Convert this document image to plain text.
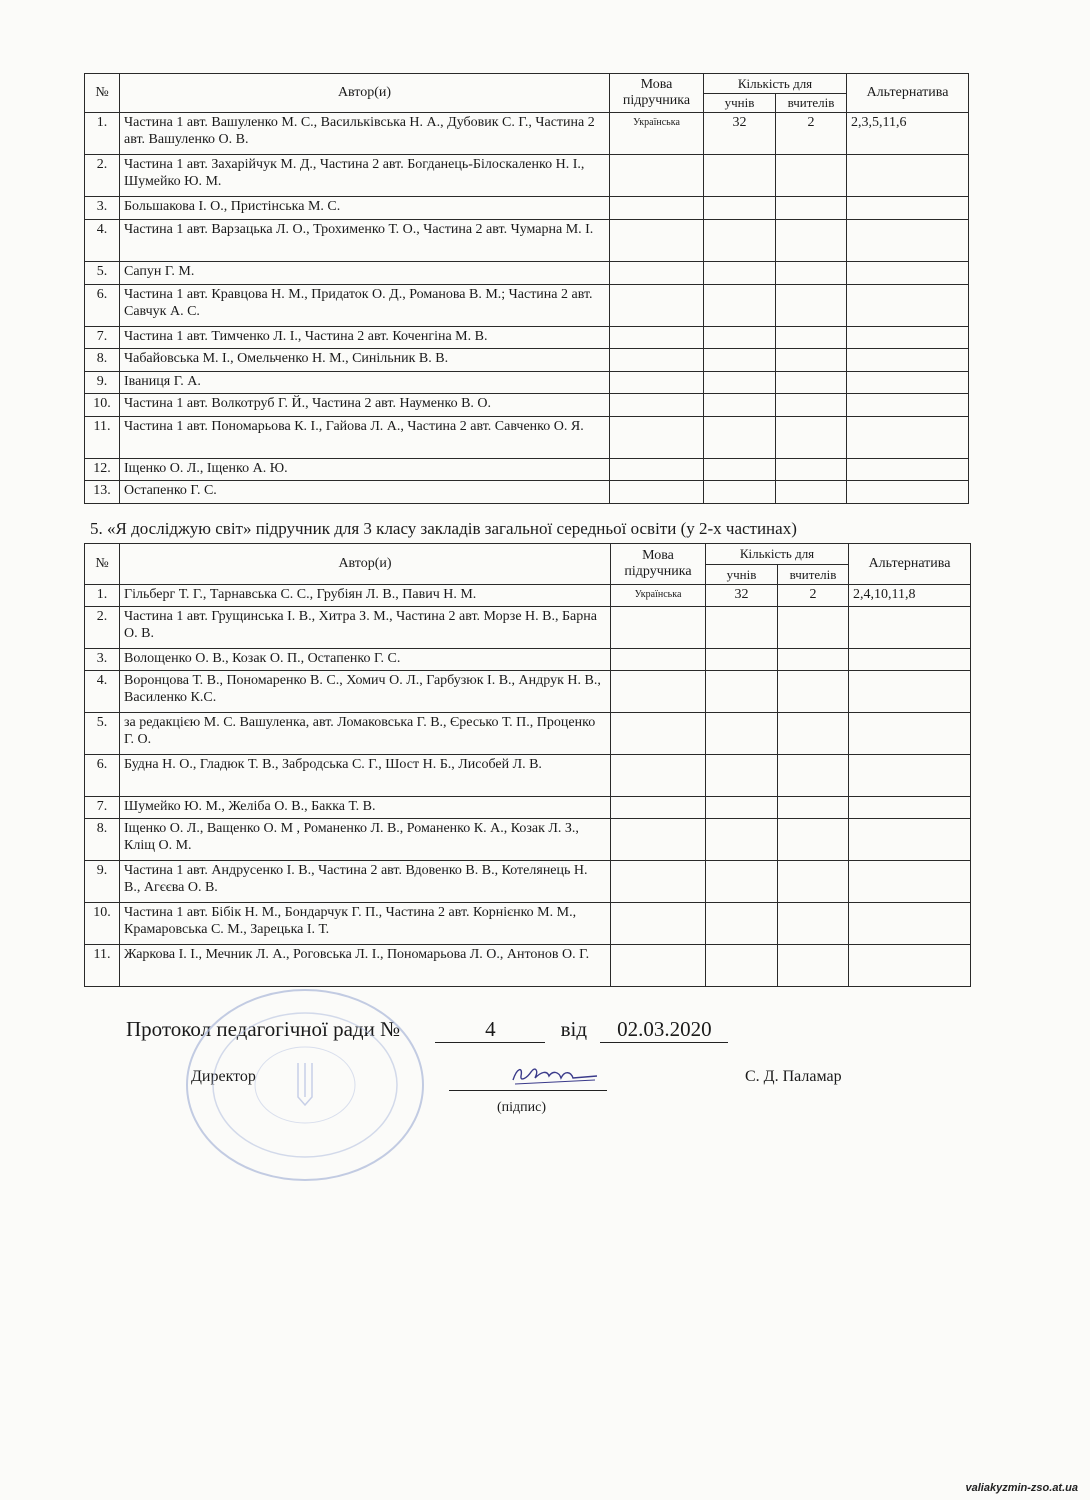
№	Автор(и)	Мова підручника	Кількість для		Альтернатива
			учнів	вчителів	
1.	Частина 1 авт. Вашуленко М. С., Васильківська Н. А., Дубовик С. Г., Частина 2 авт. Вашуленко О. В.	Українська	32	2	2,3,5,11,6
2.	Частина 1 авт. Захарійчук М. Д., Частина 2 авт. Богданець-Білоскаленко Н. І., Шумейко Ю. М.				
3.	Большакова І. О., Пристінська М. С.				
4.	Частина 1 авт. Варзацька Л. О., Трохименко Т. О., Частина 2 авт. Чумарна М. І.				
5.	Сапун Г. М.				
6.	Частина 1 авт. Кравцова Н. М., Придаток О. Д., Романова В. М.; Частина 2 авт. Савчук А. С.				
7.	Частина 1 авт. Тимченко Л. І., Частина 2 авт. Коченгіна М. В.				
8.	Чабайовська М. І., Омельченко Н. М., Синільник В. В.				
9.	Іваниця Г. А.				
10.	Частина 1 авт. Волкотруб Г. Й., Частина 2 авт. Науменко В. О.				
11.	Частина 1 авт. Пономарьова К. І., Гайова Л. А., Частина 2 авт. Савченко О. Я.				
12.	Іщенко О. Л., Іщенко А. Ю.				
13.	Остапенко Г. С.				
5. «Я досліджую світ» підручник для 3 класу закладів загальної середньої освіти (у 2-х частинах)
№	Автор(и)	Мова підручника	Кількість для		Альтернатива
			учнів	вчителів	
1.	Гільберг Т. Г., Тарнавська С. С., Грубіян Л. В., Павич Н. М.	Українська	32	2	2,4,10,11,8
2.	Частина 1 авт. Грущинська І. В., Хитра З. М., Частина 2 авт. Морзе Н. В., Барна О. В.				
3.	Волощенко О. В., Козак О. П., Остапенко Г. С.				
4.	Воронцова Т. В., Пономаренко В. С., Хомич О. Л., Гарбузюк І. В., Андрук Н. В., Василенко К.С.				
5.	за редакцією М. С. Вашуленка, авт. Ломаковська Г. В., Єресько Т. П., Проценко Г. О.				
6.	Будна Н. О., Гладюк Т. В., Забродська С. Г., Шост Н. Б., Лисобей Л. В.				
7.	Шумейко Ю. М., Желіба О. В., Бакка Т. В.				
8.	Іщенко О. Л., Ващенко О. М , Романенко Л. В., Романенко К. А., Козак Л. З., Кліщ О. М.				
9.	Частина 1 авт. Андрусенко І. В., Частина 2 авт. Вдовенко В. В., Котелянець Н. В., Агєєва О. В.				
10.	Частина 1 авт. Бібік Н. М., Бондарчук Г. П., Частина 2 авт. Корнієнко М. М., Крамаровська С. М., Зарецька І. Т.				
11.	Жаркова І. І., Мечник Л. А., Роговська Л. І., Пономарьова Л. О., Антонов О. Г.				
Протокол педагогічної ради №	4	від 02.03.2020
Директор
(підпис)
С. Д. Паламар
valiakyzmin-zso.at.ua
